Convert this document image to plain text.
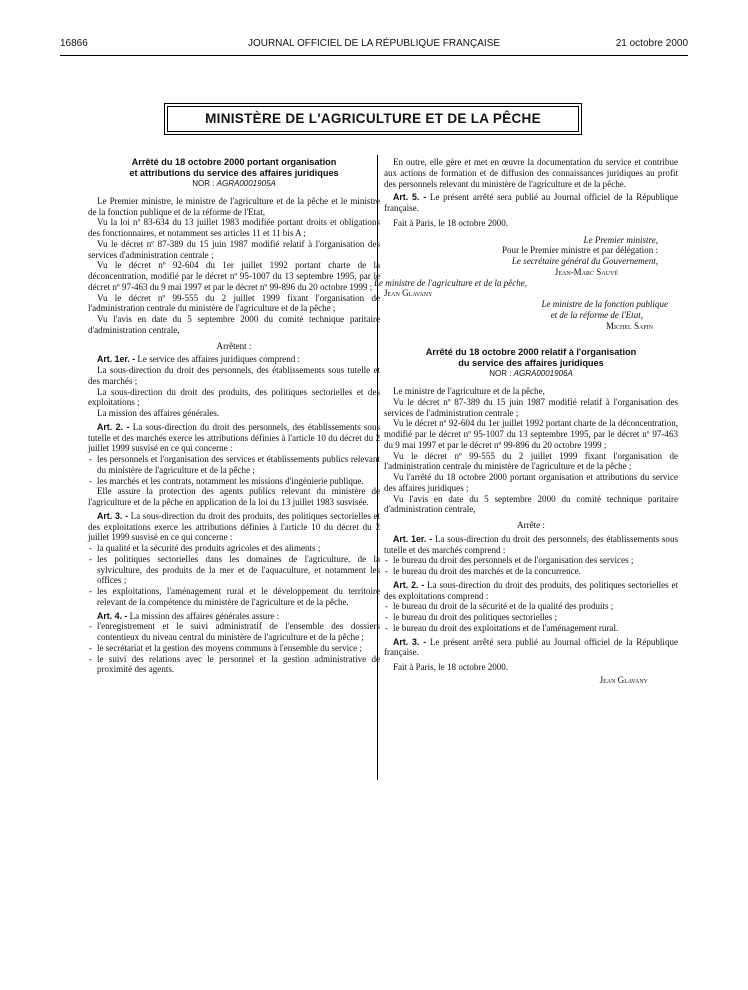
16866	JOURNAL OFFICIEL DE LA RÉPUBLIQUE FRANÇAISE	21 octobre 2000
MINISTÈRE DE L'AGRICULTURE ET DE LA PÊCHE
Arrêté du 18 octobre 2000 portant organisation
et attributions du service des affaires juridiques
NOR : AGRA0001905A

Le Premier ministre, le ministre de l'agriculture et de la pêche et le ministre de la fonction publique et de la réforme de l'Etat,

Vu la loi nº 83-634 du 13 juillet 1983 modifiée portant droits et obligations des fonctionnaires, et notamment ses articles 11 et 11 bis A ;

Vu le décret nº 87-389 du 15 juin 1987 modifié relatif à l'organisation des services d'administration centrale ;

Vu le décret nº 92-604 du 1er juillet 1992 portant charte de la déconcentration, modifié par le décret nº 95-1007 du 13 septembre 1995, par le décret nº 97-463 du 9 mai 1997 et par le décret nº 99-896 du 20 octobre 1999 ;

Vu le décret nº 99-555 du 2 juillet 1999 fixant l'organisation de l'administration centrale du ministère de l'agriculture et de la pêche ;

Vu l'avis en date du 5 septembre 2000 du comité technique paritaire d'administration centrale,

Arrêtent :

Art. 1er. - Le service des affaires juridiques comprend :

La sous-direction du droit des personnels, des établissements sous tutelle et des marchés ;

La sous-direction du droit des produits, des politiques sectorielles et des exploitations ;

La mission des affaires générales.

Art. 2. - La sous-direction du droit des personnels, des établissements sous tutelle et des marchés exerce les attributions définies à l'article 10 du décret du 2 juillet 1999 susvisé en ce qui concerne :

- les personnels et l'organisation des services et établissements publics relevant du ministère de l'agriculture et de la pêche ;

- les marchés et les contrats, notamment les missions d'ingénierie publique.

Elle assure la protection des agents publics relevant du ministère de l'agriculture et de la pêche en application de la loi du 13 juillet 1983 susvisée.

Art. 3. - La sous-direction du droit des produits, des politiques sectorielles et des exploitations exerce les attributions définies à l'article 10 du décret du 2 juillet 1999 susvisé en ce qui concerne :

- la qualité et la sécurité des produits agricoles et des aliments ;

- les politiques sectorielles dans les domaines de l'agriculture, de la sylviculture, des produits de la mer et de l'aquaculture, et notamment les offices ;

- les exploitations, l'aménagement rural et le développement du territoire relevant de la compétence du ministère de l'agriculture et de la pêche.

Art. 4. - La mission des affaires générales assure :

- l'enregistrement et le suivi administratif de l'ensemble des dossiers contentieux du niveau central du ministère de l'agriculture et de la pêche ;

- le secrétariat et la gestion des moyens communs à l'ensemble du service ;

- le suivi des relations avec le personnel et la gestion administrative de proximité des agents.

En outre, elle gère et met en œuvre la documentation du service et contribue aux actions de formation et de diffusion des connaissances juridiques au profit des personnels relevant du ministère de l'agriculture et de la pêche.

Art. 5. - Le présent arrêté sera publié au Journal officiel de la République française.

Fait à Paris, le 18 octobre 2000.

Le Premier ministre,

Pour le Premier ministre et par délégation :

Le secrétaire général du Gouvernement,

Jean-Marc Sauvé

Le ministre de l'agriculture et de la pêche,

Jean Glavany

Le ministre de la fonction publique

et de la réforme de l'Etat,

Michel Sapin

Arrêté du 18 octobre 2000 relatif à l'organisation
du service des affaires juridiques
NOR : AGRA0001906A

Le ministre de l'agriculture et de la pêche,

Vu le décret nº 87-389 du 15 juin 1987 modifié relatif à l'organisation des services de l'administration centrale ;

Vu le décret nº 92-604 du 1er juillet 1992 portant charte de la déconcentration, modifié par le décret nº 95-1007 du 13 septembre 1995, par le décret nº 97-463 du 9 mai 1997 et par le décret nº 99-896 du 20 octobre 1999 ;

Vu le décret nº 99-555 du 2 juillet 1999 fixant l'organisation de l'administration centrale du ministère de l'agriculture et de la pêche ;

Vu l'arrêté du 18 octobre 2000 portant organisation et attributions du service des affaires juridiques ;

Vu l'avis en date du 5 septembre 2000 du comité technique paritaire d'administration centrale,

Arrête :

Art. 1er. - La sous-direction du droit des personnels, des établissements sous tutelle et des marchés comprend :

- le bureau du droit des personnels et de l'organisation des services ;

- le bureau du droit des marchés et de la concurrence.

Art. 2. - La sous-direction du droit des produits, des politiques sectorielles et des exploitations comprend :

- le bureau du droit de la sécurité et de la qualité des produits ;

- le bureau du droit des politiques sectorielles ;

- le bureau du droit des exploitations et de l'aménagement rural.

Art. 3. - Le présent arrêté sera publié au Journal officiel de la République française.

Fait à Paris, le 18 octobre 2000.

Jean Glavany
